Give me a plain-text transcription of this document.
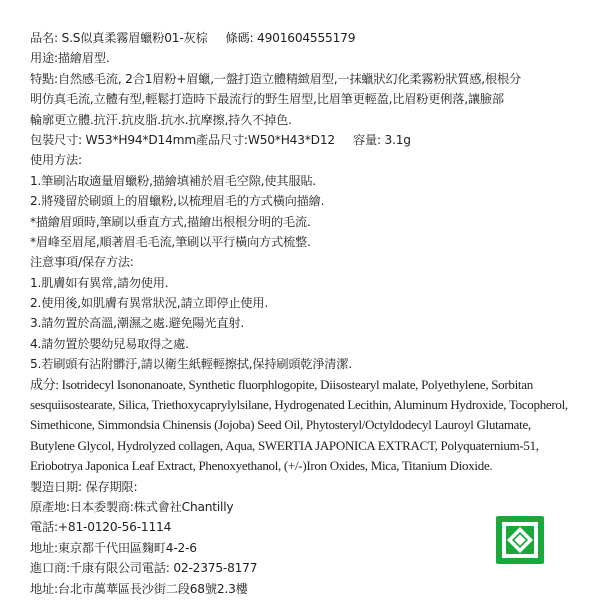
品名: S.S似真柔霧眉蠟粉01-灰棕 條碼: 4901604555179
用途:描繪眉型.
特點:自然感毛流, 2合1眉粉+眉蠟,一盤打造立體精緻眉型,一抹蠟狀幻化柔霧粉狀質感,根根分
明仿真毛流,立體有型,輕鬆打造時下最流行的野生眉型,比眉筆更輕盈,比眉粉更俐落,讓臉部
輪廓更立體.抗汗.抗皮脂.抗水.抗摩擦,持久不掉色.
包裝尺寸: W53*H94*D14mm產品尺寸:W50*H43*D12 容量: 3.1g
使用方法:
1.筆刷沾取適量眉蠟粉,描繪填補於眉毛空隙,使其服貼.
2.將殘留於刷頭上的眉蠟粉,以梳理眉毛的方式橫向描繪.
*描繪眉頭時,筆刷以垂直方式,描繪出根根分明的毛流.
*眉峰至眉尾,順著眉毛毛流,筆刷以平行橫向方式梳整.
注意事項/保存方法:
1.肌膚如有異常,請勿使用.
2.使用後,如肌膚有異常狀況,請立即停止使用.
3.請勿置於高溫,潮濕之處.避免陽光直射.
4.請勿置於嬰幼兒易取得之處.
5.若刷頭有沾附髒汙,請以衛生紙輕輕擦拭,保持刷頭乾淨清潔.
成分: Isotridecyl Isononanoate, Synthetic fluorphlogopite, Diisostearyl malate, Polyethylene, Sorbitan
sesquiisostearate, Silica, Triethoxycaprylylsilane, Hydrogenated Lecithin, Aluminum Hydroxide, Tocopherol,
Simethicone, Simmondsia Chinensis (Jojoba) Seed Oil, Phytosteryl/Octyldodecyl Lauroyl Glutamate,
Butylene Glycol, Hydrolyzed collagen, Aqua, SWERTIA JAPONICA EXTRACT, Polyquaternium-51,
Eriobotrya Japonica Leaf Extract, Phenoxyethanol, (+/-)Iron Oxides, Mica, Titanium Dioxide.
製造日期: 保存期限:
原產地:日本委製商:株式會社Chantilly
電話:+81-0120-56-1114
地址:東京都千代田區麴町4-2-6
進口商:千康有限公司電話: 02-2375-8177
地址:台北市萬華區長沙街二段68號2.3樓
